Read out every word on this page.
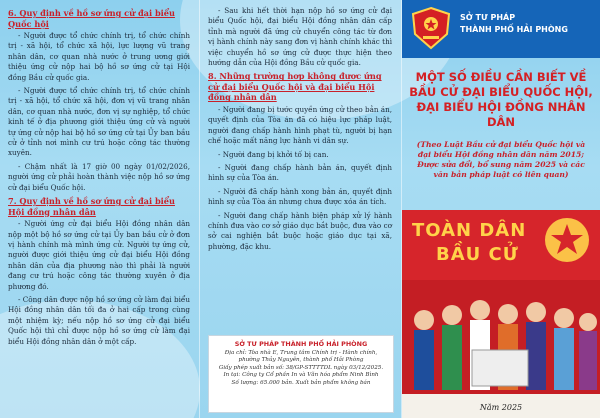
6. Quy định về hồ sơ ứng cử đại biểu Quốc hội

- Người được tổ chức chính trị, tổ chức chính trị - xã hội, tổ chức xã hội, lực lượng vũ trang nhân dân, cơ quan nhà nước ở trung ương giới thiệu ứng cử nộp hai bộ hồ sơ ứng cử tại Hội đồng Bầu cử quốc gia.

- Người được tổ chức chính trị, tổ chức chính trị - xã hội, tổ chức xã hội, đơn vị vũ trang nhân dân, cơ quan nhà nước, đơn vị sự nghiệp, tổ chức kinh tế ở địa phương giới thiệu ứng cử và người tự ứng cử nộp hai bộ hồ sơ ứng cử tại Ủy ban bầu cử ở tỉnh nơi mình cư trú hoặc công tác thường xuyên.

- Chậm nhất là 17 giờ 00 ngày 01/02/2026, người ứng cử phải hoàn thành việc nộp hồ sơ ứng cử đại biểu Quốc hội.

7. Quy định về hồ sơ ứng cử đại biểu Hội đồng nhân dân

- Người ứng cử đại biểu Hội đồng nhân dân nộp một bộ hồ sơ ứng cử tại Ủy ban bầu cử ở đơn vị hành chính mà mình ứng cử. Người tự ứng cử, người được giới thiệu ứng cử đại biểu Hội đồng nhân dân của địa phương nào thì phải là người đang cư trú hoặc công tác thường xuyên ở địa phương đó.

- Công dân được nộp hồ sơ ứng cử làm đại biểu Hội đồng nhân dân tối đa ở hai cấp trong cùng một nhiệm kỳ; nếu nộp hồ sơ ứng cử đại biểu Quốc hội thì chỉ được nộp hồ sơ ứng cử làm đại biểu Hội đồng nhân dân ở một cấp.

- Sau khi hết thời hạn nộp hồ sơ ứng cử đại biểu Quốc hội, đại biểu Hội đồng nhân dân cấp tỉnh mà người đã ứng cử chuyển công tác từ đơn vị hành chính này sang đơn vị hành chính khác thì việc chuyển hồ sơ ứng cử được thực hiện theo hướng dẫn của Hội đồng Bầu cử quốc gia.

8. Những trường hợp không được ứng cử đại biểu Quốc hội và đại biểu Hội đồng nhân dân

- Người đang bị tước quyền ứng cử theo bản án, quyết định của Tòa án đã có hiệu lực pháp luật, người đang chấp hành hình phạt tù, người bị hạn chế hoặc mất năng lực hành vi dân sự.

- Người đang bị khởi tố bị can.

- Người đang chấp hành bản án, quyết định hình sự của Tòa án.

- Người đã chấp hành xong bản án, quyết định hình sự của Tòa án nhưng chưa được xóa án tích.

- Người đang chấp hành biện pháp xử lý hành chính đưa vào cơ sở giáo dục bắt buộc, đưa vào cơ sở cai nghiện bắt buộc hoặc giáo dục tại xã, phường, đặc khu.

SỞ TƯ PHÁP THÀNH PHỐ HẢI PHÒNG
Địa chỉ: Tòa nhà E, Trung tâm Chính trị - Hành chính,
phường Thủy Nguyên, thành phố Hải Phòng
Giấy phép xuất bản số: 38/GP-STTTTDL ngày 03/12/2025.
In tại: Công ty Cổ phần In và Văn hóa phẩm Ninh Bình
Số lượng: 65.000 bản. Xuất bản phẩm không bán
SỞ TƯ PHÁP
THÀNH PHỐ HẢI PHÒNG
MỘT SỐ ĐIỀU CẦN BIẾT VỀ BẦU CỬ ĐẠI BIỂU QUỐC HỘI, ĐẠI BIỂU HỘI ĐỒNG NHÂN DÂN
(Theo Luật Bầu cử đại biểu Quốc hội và đại biểu Hội đồng nhân dân năm 2015; Được sửa đổi, bổ sung năm 2025 và các văn bản pháp luật có liên quan)
TOÀN DÂN
BẦU CỬ
Năm 2025
